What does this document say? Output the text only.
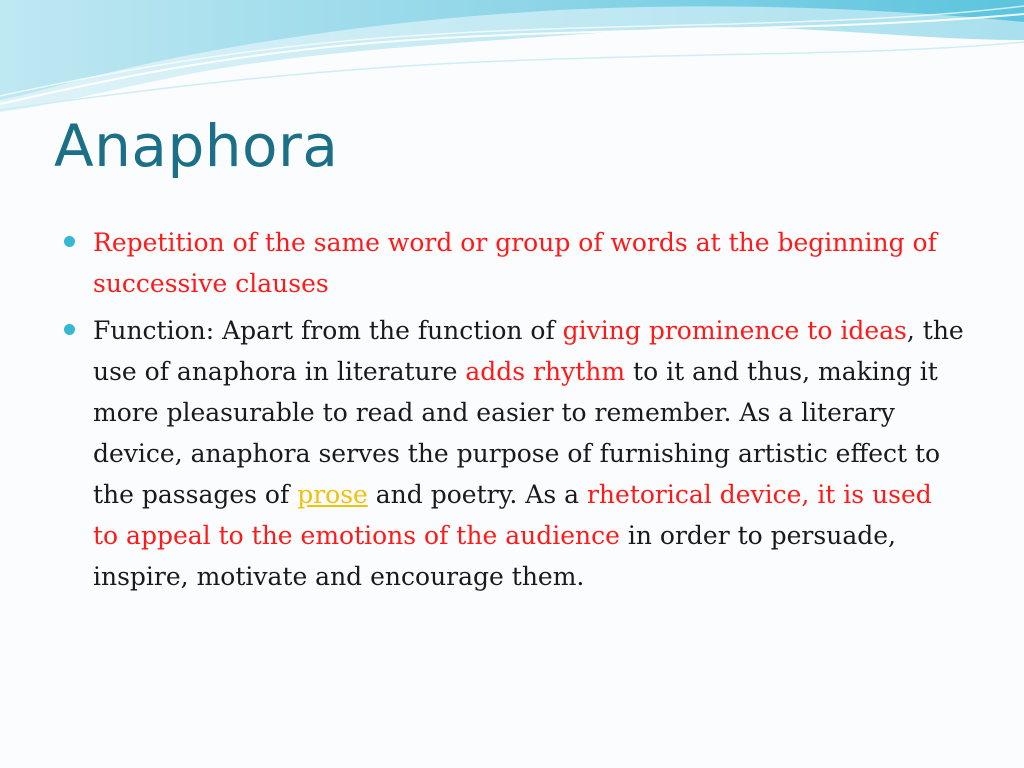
Anaphora
Repetition of the same word or group of words at the beginning of successive clauses
Function: Apart from the function of giving prominence to ideas, the use of anaphora in literature adds rhythm to it and thus, making it more pleasurable to read and easier to remember. As a literary device, anaphora serves the purpose of furnishing artistic effect to the passages of prose and poetry. As a rhetorical device, it is used to appeal to the emotions of the audience in order to persuade, inspire, motivate and encourage them.
